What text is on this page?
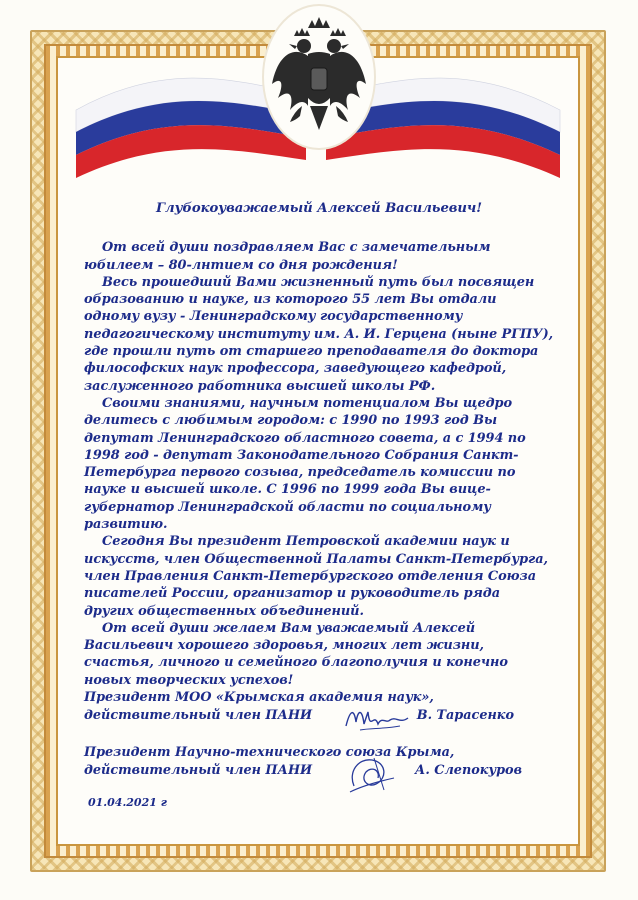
Глубокоуважаемый Алексей Васильевич!

От всей души поздравляем Вас с замечательным юбилеем – 80-лнтием со дня рождения!

Весь прошедший Вами жизненный путь был посвящен образованию и науке, из которого 55 лет Вы отдали одному вузу - Ленинградскому государственному педагогическому институту им. А. И. Герцена (ныне РГПУ), где прошли путь от старшего преподавателя до доктора философских наук профессора, заведующего кафедрой, заслуженного работника высшей школы РФ.

Своими знаниями, научным потенциалом Вы щедро делитесь с любимым городом: с 1990 по 1993 год Вы депутат Ленинградского областного совета, а с 1994 по 1998 год - депутат Законодательного Собрания Санкт-Петербурга первого созыва, председатель комиссии по науке и высшей школе. С 1996 по 1999 года Вы вице-губернатор Ленинградской области по социальному развитию.

Сегодня Вы президент Петровской академии наук и искусств, член Общественной Палаты Санкт-Петербурга, член Правления Санкт-Петербургского отделения Союза писателей России, организатор и руководитель ряда других общественных объединений.

От всей души желаем Вам уважаемый Алексей Васильевич хорошего здоровья, многих лет жизни, счастья, личного и семейного благополучия и конечно новых творческих успехов!

Президент МОО «Крымская академия наук»,
действительный член ПАНИ	В. Тарасенко
Президент Научно-технического союза Крыма,
действительный член ПАНИ	А. Слепокуров
01.04.2021 г
